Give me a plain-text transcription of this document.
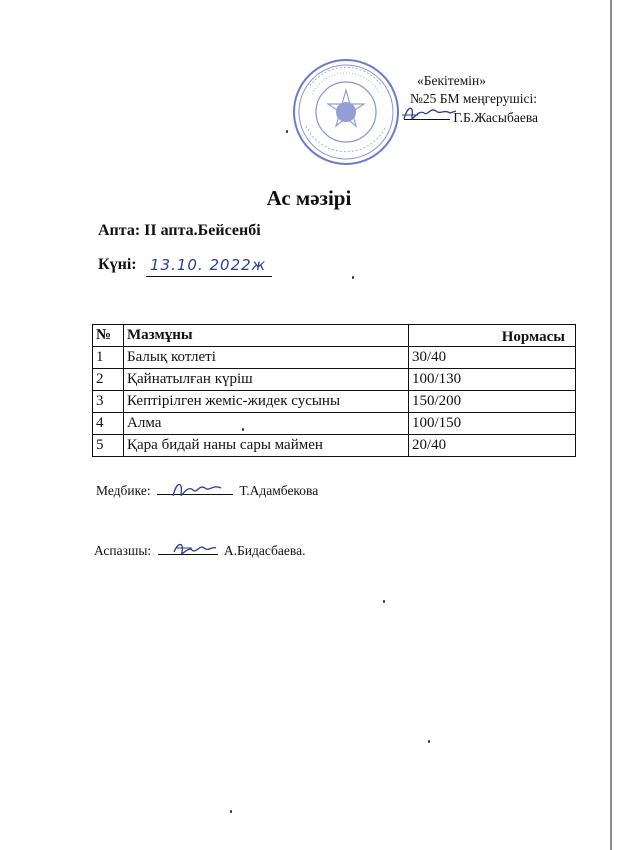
«Бекітемін»
№25 БМ меңгерушісі:
Г.Б.Жасыбаева
Ас мәзірі
Апта: ІІ апта.Бейсенбі
Күні: 13.10. 2022ж
№	Мазмұны	Нормасы
1	Балық котлеті	30/40
2	Қайнатылған күріш	100/130
3	Кептірілген жеміс-жидек сусыны	150/200
4	Алма	100/150
5	Қара бидай наны сары маймен	20/40
Медбике:	Т.Адамбекова
Аспазшы:	А.Бидасбаева.
